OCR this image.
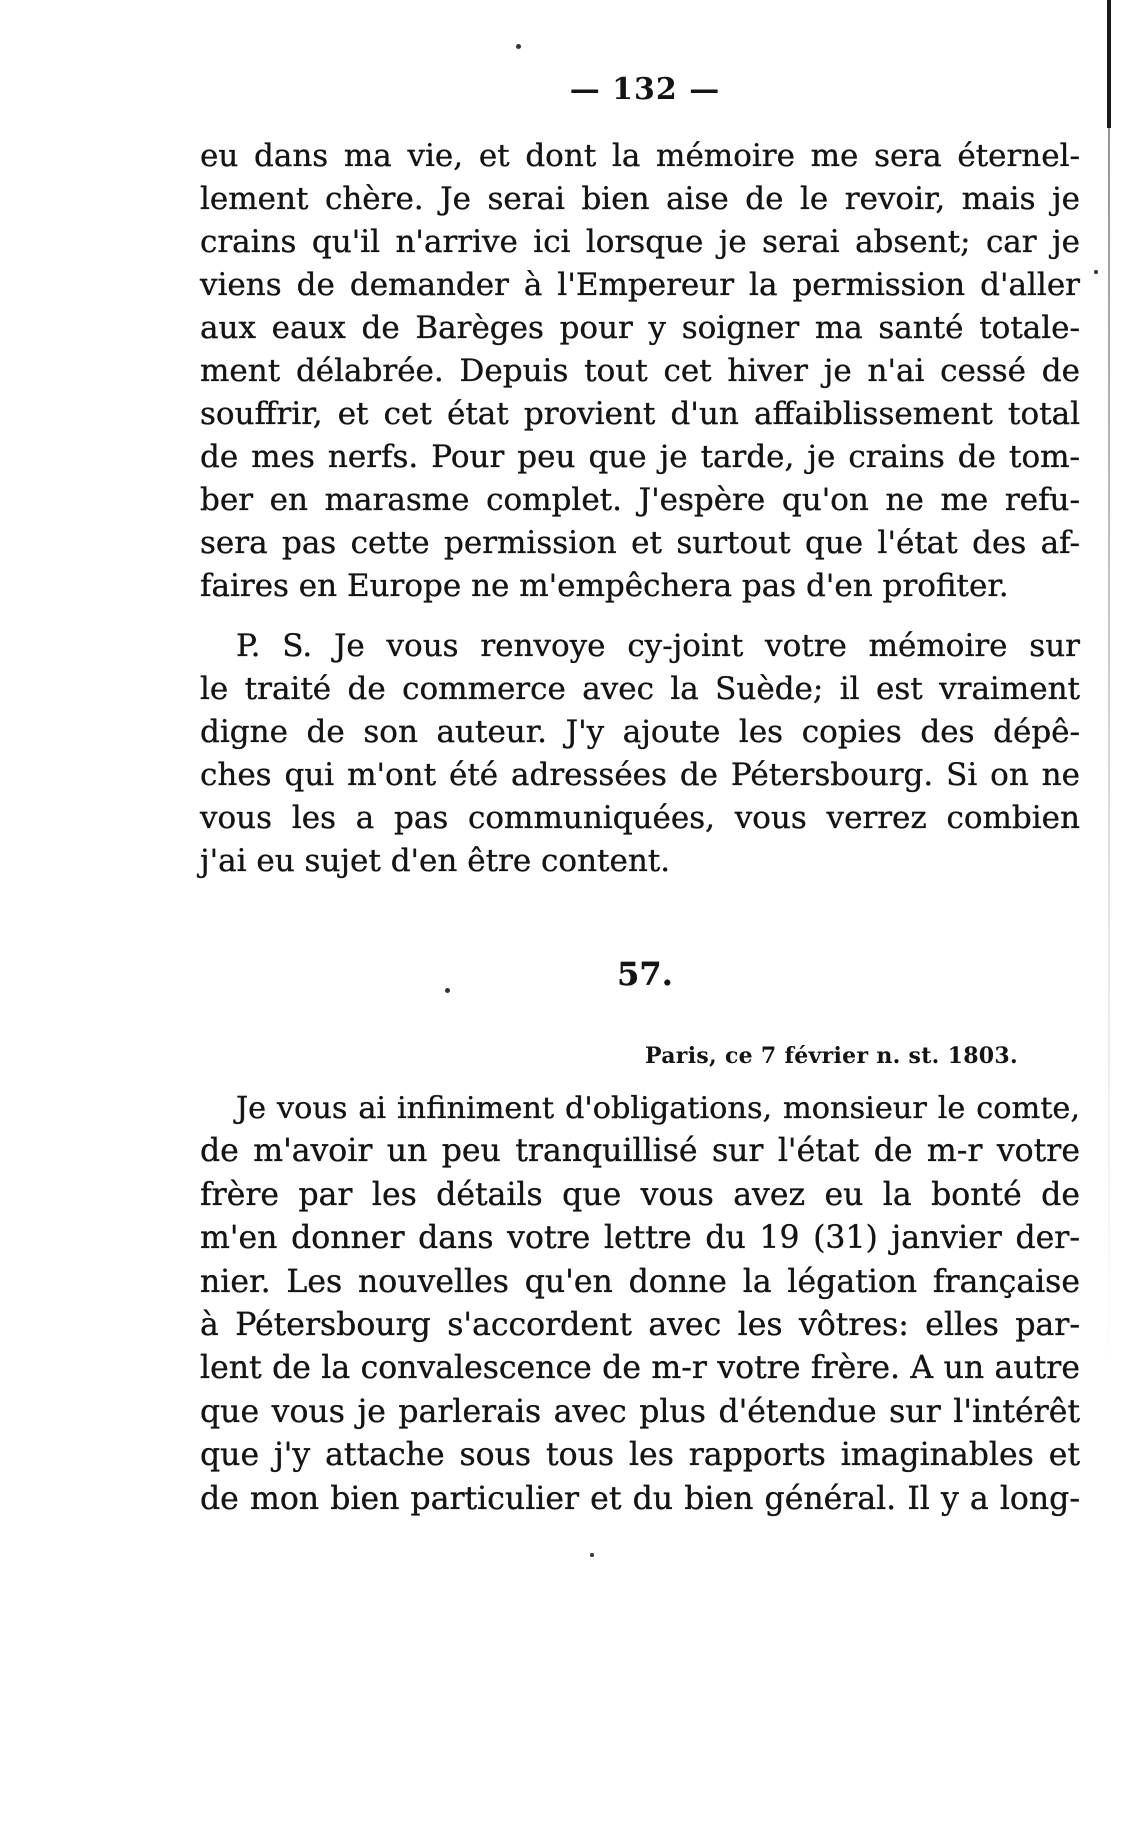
— 132 —
eu dans ma vie, et dont la mémoire me sera éternel-
lement chère. Je serai bien aise de le revoir, mais je
crains qu'il n'arrive ici lorsque je serai absent; car je
viens de demander à l'Empereur la permission d'aller
aux eaux de Barèges pour y soigner ma santé totale-
ment délabrée. Depuis tout cet hiver je n'ai cessé de
souffrir, et cet état provient d'un affaiblissement total
de mes nerfs. Pour peu que je tarde, je crains de tom-
ber en marasme complet. J'espère qu'on ne me refu-
sera pas cette permission et surtout que l'état des af-
faires en Europe ne m'empêchera pas d'en profiter.
P. S. Je vous renvoye cy-joint votre mémoire sur
le traité de commerce avec la Suède; il est vraiment
digne de son auteur. J'y ajoute les copies des dépê-
ches qui m'ont été adressées de Pétersbourg. Si on ne
vous les a pas communiquées, vous verrez combien
j'ai eu sujet d'en être content.
57.
Paris, ce 7 février n. st. 1803.
Je vous ai infiniment d'obligations, monsieur le comte,
de m'avoir un peu tranquillisé sur l'état de m-r votre
frère par les détails que vous avez eu la bonté de
m'en donner dans votre lettre du 19 (31) janvier der-
nier. Les nouvelles qu'en donne la légation française
à Pétersbourg s'accordent avec les vôtres: elles par-
lent de la convalescence de m-r votre frère. A un autre
que vous je parlerais avec plus d'étendue sur l'intérêt
que j'y attache sous tous les rapports imaginables et
de mon bien particulier et du bien général. Il y a long-
